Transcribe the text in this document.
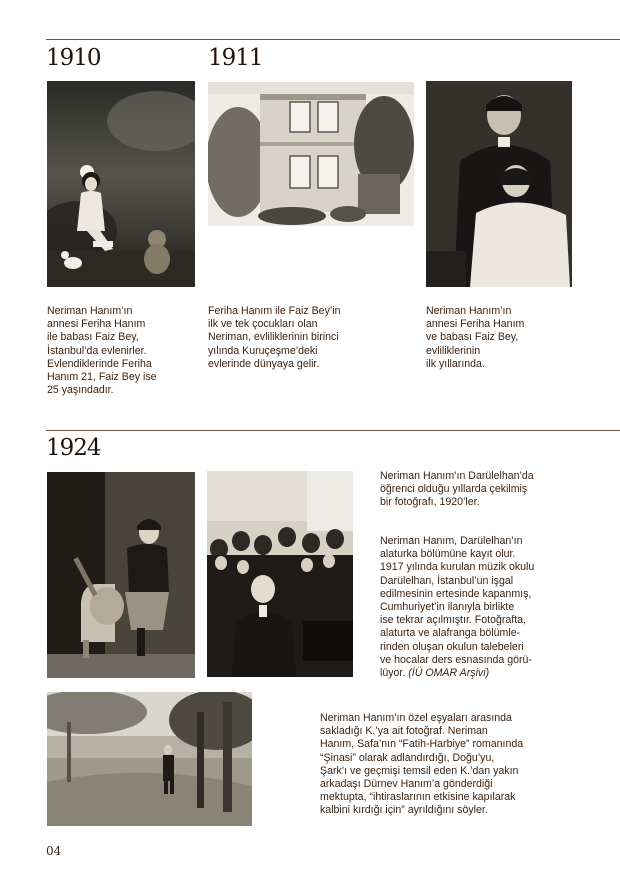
1910	1911
1924

Neriman Hanım’ın
annesi Feriha Hanım
ile babası Faiz Bey,
İstanbul’da evlenirler.
Evlendiklerinde Feriha
Hanım 21, Faiz Bey ise
25 yaşındadır.

Feriha Hanım ile Faiz Bey’in
ilk ve tek çocukları olan
Neriman, evliliklerinin birinci
yılında Kuruçeşme’deki
evlerinde dünyaya gelir.

Neriman Hanım’ın
annesi Feriha Hanım
ve babası Faiz Bey,
evliliklerinin
ilk yıllarında.

Neriman Hanım’ın Darülelhan’da
öğrenci olduğu yıllarda çekilmiş
bir fotoğrafı, 1920’ler.

Neriman Hanım, Darülelhan’ın
alaturka bölümüne kayıt olur.
1917 yılında kurulan müzik okulu
Darülelhan, İstanbul’un işgal
edilmesinin ertesinde kapanmış,
Cumhuriyet’in ilanıyla birlikte
ise tekrar açılmıştır. Fotoğrafta,
alaturta ve alafranga bölümle-
rinden oluşan okulun talebeleri
ve hocalar ders esnasında görü-
lüyor. (İÜ OMAR Arşivi)

Neriman Hanım’ın özel eşyaları arasında
sakladığı K.’ya ait fotoğraf. Neriman
Hanım, Safa’nın “Fatih-Harbiye” romanında
“Şinasi” olarak adlandırdığı, Doğu’yu,
Şark’ı ve geçmişi temsil eden K.’dan yakın
arkadaşı Dürnev Hanım’a gönderdiği
mektupta, “ihtiraslarının etkisine kapılarak
kalbini kırdığı için” ayrıldığını söyler.

04
